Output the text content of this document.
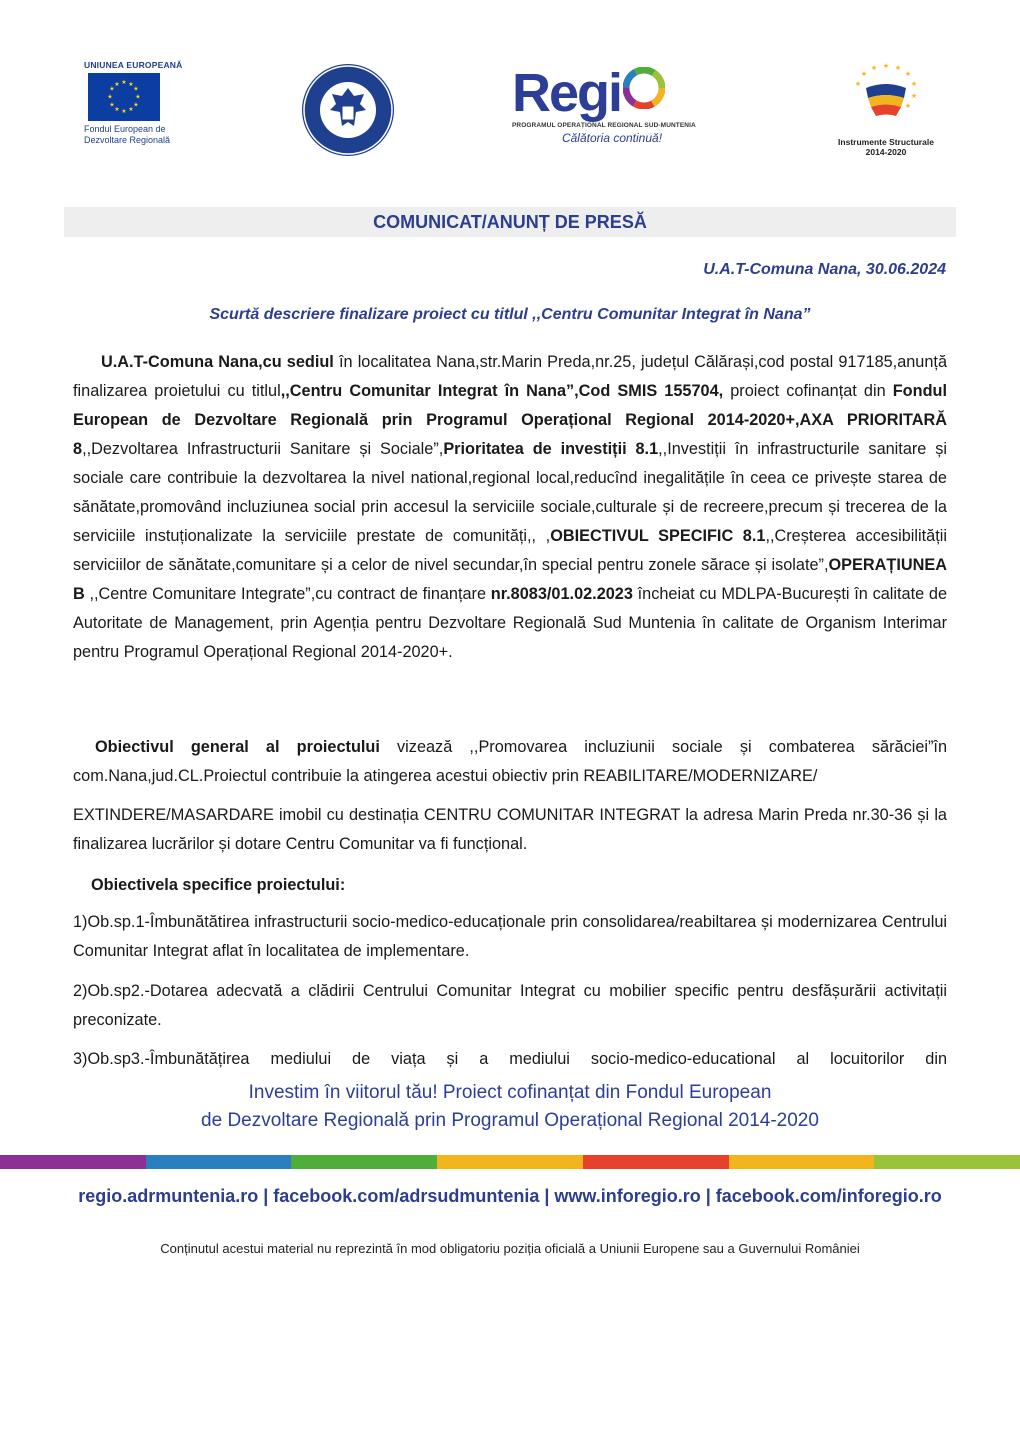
UNIUNEA EUROPEANĂ
★ ★
★
★
★
★
★
★
★
★
★
★
Fondul European de
Dezvoltare Regională
Regi
PROGRAMUL OPERAȚIONAL REGIONAL SUD-MUNTENIA
Călătoria continuă!
★ ★
★
★
★
★
★
★
★
Instrumente Structurale
2014-2020
COMUNICAT/ANUNȚ DE PRESĂ
U.A.T-Comuna Nana, 30.06.2024
Scurtă descriere finalizare proiect cu titlul ,,Centru Comunitar Integrat în Nana”
U.A.T-Comuna Nana,cu sediul în localitatea Nana,str.Marin Preda,nr.25, județul Călărași,cod postal 917185,anunță finalizarea proietului cu titlul,,Centru Comunitar Integrat în Nana”,Cod SMIS 155704, proiect cofinanțat din Fondul European de Dezvoltare Regională prin Programul Operațional Regional 2014-2020+,AXA PRIORITARĂ 8,,Dezvoltarea Infrastructurii Sanitare și Sociale”,Prioritatea de investiții 8.1,,Investiții în infrastructurile sanitare și sociale care contribuie la dezvoltarea la nivel national,regional local,reducînd inegalitățile în ceea ce privește starea de sănătate,promovând incluziunea social prin accesul la serviciile sociale,culturale și de recreere,precum și trecerea de la serviciile instuționalizate la serviciile prestate de comunități,, ,OBIECTIVUL SPECIFIC 8.1,,Creșterea accesibilității serviciilor de sănătate,comunitare și a celor de nivel secundar,în special pentru zonele sărace și isolate”,OPERAȚIUNEA B ,,Centre Comunitare Integrate”,cu contract de finanțare nr.8083/01.02.2023 încheiat cu MDLPA-București în calitate de Autoritate de Management, prin Agenția pentru Dezvoltare Regională Sud Muntenia în calitate de Organism Interimar pentru Programul Operațional Regional 2014-2020+.
Obiectivul general al proiectului vizează ,,Promovarea incluziunii sociale și combaterea sărăciei”în com.Nana,jud.CL.Proiectul contribuie la atingerea acestui obiectiv prin REABILITARE/MODERNIZARE/
EXTINDERE/MASARDARE imobil cu destinația CENTRU COMUNITAR INTEGRAT la adresa Marin Preda nr.30-36 și la finalizarea lucrărilor și dotare Centru Comunitar va fi funcțional.
Obiectivela specifice proiectului:
1)Ob.sp.1-Îmbunătătirea infrastructurii socio-medico-educaționale prin consolidarea/reabiltarea și modernizarea Centrului Comunitar Integrat aflat în localitatea de implementare.
2)Ob.sp2.-Dotarea adecvată a clădirii Centrului Comunitar Integrat cu mobilier specific pentru desfășurării activitații preconizate.
3)Ob.sp3.-Îmbunătățirea mediului de viața și a mediului socio-medico-educational al locuitorilor din
Investim în viitorul tău! Proiect cofinanțat din Fondul European
de Dezvoltare Regională prin Programul Operațional Regional 2014-2020
regio.adrmuntenia.ro | facebook.com/adrsudmuntenia | www.inforegio.ro | facebook.com/inforegio.ro
Conținutul acestui material nu reprezintă în mod obligatoriu poziția oficială a Uniunii Europene sau a Guvernului României
